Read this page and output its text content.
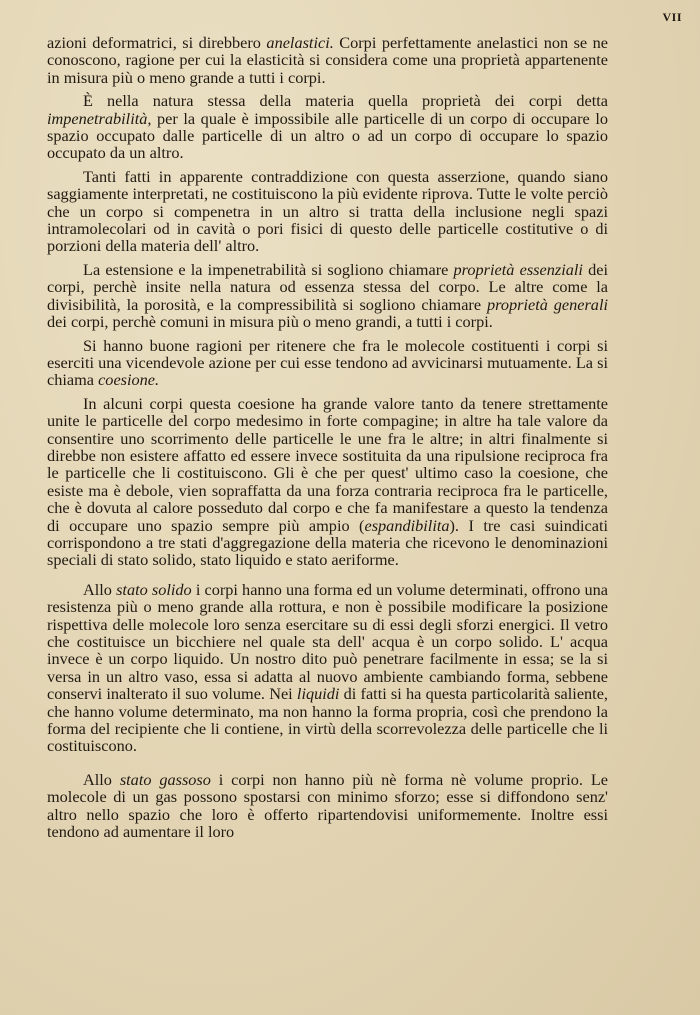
VII

azioni deformatrici, si direbbero anelastici. Corpi perfettamente anelastici non se ne conoscono, ragione per cui la elasticità si considera come una proprietà appartenente in misura più o meno grande a tutti i corpi.

È nella natura stessa della materia quella proprietà dei corpi detta impenetrabilità, per la quale è impossibile alle particelle di un corpo di occupare lo spazio occupato dalle particelle di un altro o ad un corpo di occupare lo spazio occupato da un altro.

Tanti fatti in apparente contraddizione con questa asserzione, quando siano saggiamente interpretati, ne costituiscono la più evidente riprova. Tutte le volte perciò che un corpo si compenetra in un altro si tratta della inclusione negli spazi intramolecolari od in cavità o pori fisici di questo delle particelle costitutive o di porzioni della materia dell' altro.

La estensione e la impenetrabilità si sogliono chiamare proprietà essenziali dei corpi, perchè insite nella natura od essenza stessa del corpo. Le altre come la divisibilità, la porosità, e la compressibilità si sogliono chiamare proprietà generali dei corpi, perchè comuni in misura più o meno grandi, a tutti i corpi.

Si hanno buone ragioni per ritenere che fra le molecole costituenti i corpi si eserciti una vicendevole azione per cui esse tendono ad avvicinarsi mutuamente. La si chiama coesione.

In alcuni corpi questa coesione ha grande valore tanto da tenere strettamente unite le particelle del corpo medesimo in forte compagine; in altre ha tale valore da consentire uno scorrimento delle particelle le une fra le altre; in altri finalmente si direbbe non esistere affatto ed essere invece sostituita da una ripulsione reciproca fra le particelle che li costituiscono. Gli è che per quest' ultimo caso la coesione, che esiste ma è debole, vien sopraffatta da una forza contraria reciproca fra le particelle, che è dovuta al calore posseduto dal corpo e che fa manifestare a questo la tendenza di occupare uno spazio sempre più ampio (espandibilita). I tre casi suindicati corrispondono a tre stati d'aggregazione della materia che ricevono le denominazioni speciali di stato solido, stato liquido e stato aeriforme.

Allo stato solido i corpi hanno una forma ed un volume determinati, offrono una resistenza più o meno grande alla rottura, e non è possibile modificare la posizione rispettiva delle molecole loro senza esercitare su di essi degli sforzi energici. Il vetro che costituisce un bicchiere nel quale sta dell' acqua è un corpo solido. L' acqua invece è un corpo liquido. Un nostro dito può penetrare facilmente in essa; se la si versa in un altro vaso, essa si adatta al nuovo ambiente cambiando forma, sebbene conservi inalterato il suo volume. Nei liquidi di fatti si ha questa particolarità saliente, che hanno volume determinato, ma non hanno la forma propria, così che prendono la forma del recipiente che li contiene, in virtù della scorrevolezza delle particelle che li costituiscono.

Allo stato gassoso i corpi non hanno più nè forma nè volume proprio. Le molecole di un gas possono spostarsi con minimo sforzo; esse si diffondono senz' altro nello spazio che loro è offerto ripartendovisi uniformemente. Inoltre essi tendono ad aumentare il loro
